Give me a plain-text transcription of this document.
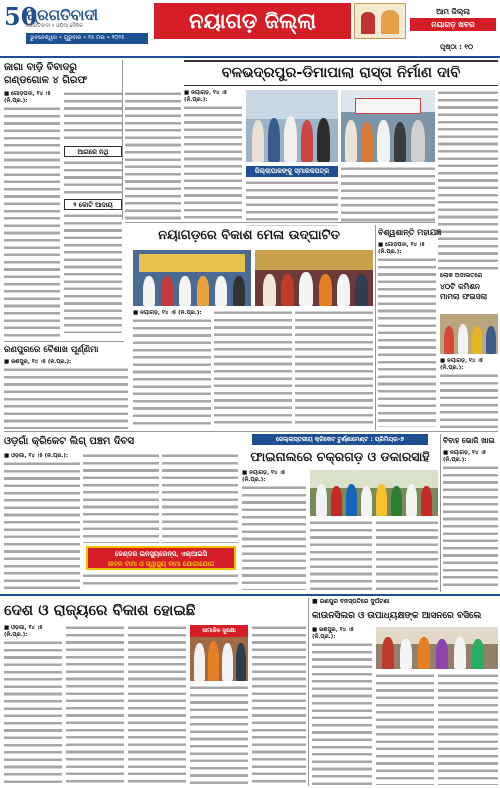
50
ପ୍ରଗତିବାଦୀ
ପ୍ରଗତିବାଦୀ • ଓଡ଼ିଆ ଦୈନିକ
ଭୁବନେଶ୍ୱର • ଗୁରୁବାର • ୧୫ ମଇ • ୨୦୨୫
ନୟାଗଡ଼ ଜିଲ୍ଲା	ଆମ ଜିଲ୍ଲା
ନୟାଗଡ଼ ଖବର
ପୃଷ୍ଠା : ୧୦
ଜାଗା ବାଡ଼ି ବିବାଦରୁ ଗଣ୍ଡଗୋଳ ୪ ଗିରଫ
■ ଗୋଡ଼ିପଦା, ୧୪ ।୫ (ନି.ପ୍ର.):
ଆଗରେ ନଥି
୨ କୋଟି ଆଦାୟ
ବଳଭଦ୍ରପୁର-ଡିମାପାଲା ରାସ୍ତା ନିର୍ମାଣ ଦାବି
■ ନୟାଗଡ଼, ୧୪ ।୫ (ନି.ପ୍ର.):
ଜିଲ୍ଲାପାଳଙ୍କୁ ସ୍ମାରକପତ୍ର
ନୟାଗଡ଼ରେ ବିକାଶ ମେଳା ଉଦ୍‌ଘାଟିତ
■ ନୟାଗଡ଼, ୧୪ ।୫ (ନି.ପ୍ର.):
ବିଶ୍ୱଶାନ୍ତି ମହାଯଜ୍ଞ
■ ଗୋଡ଼ିପଦା, ୧୪ ।୫ (ନି.ପ୍ର.):
ଲୋକ ଅଦାଲତରେ
୪୦ଟି କମିଶନ ମାମଲା ଫଇସଲା
■ ନୟାଗଡ଼, ୧୪ ।୫ (ନି.ପ୍ର.):
ରଣପୁରରେ ବୈଶାଖ ପୂର୍ଣ୍ଣିମା
■ ରଣପୁର, ୧୪ ।୫ (ନି.ପ୍ର.):
ଓଡ଼ଗାଁ କ୍ରିକେଟ ଲିଗ୍ ପଞ୍ଚମ ଦିବସ
■ ଓଡ଼ଗାଁ, ୧୪ ।୫ (ନି.ପ୍ର.):
ଜେଣ୍ଡର ଇନସ୍ୟୁରେନ୍ସ, ଏଲ୍‌ଆଇସି
ଜୀବନ ବୀମା ଓ ସ୍ୱାସ୍ଥ୍ୟ ବୀମା ଯୋଗାଯୋଗ
ଜେଲ୍ଲାସ୍ତରୀୟ କ୍ରିକେଟ ଟୁର୍ଣ୍ଣାମେଣ୍ଟ : ପ୍ରିମିୟର-୭
ଫାଇନାଲରେ ଚକ୍ରଗଡ଼ ଓ ଡକାରସାହି
■ ନୟାଗଡ଼, ୧୪ ।୫ (ନି.ପ୍ର.):
ବିବାହ ଭୋଜି ଖାଇ
■ ନୟାଗଡ଼, ୧୪ ।୫ (ନି.ପ୍ର.):
ଦେଶ ଓ ରାଜ୍ୟରେ ବିକାଶ ହୋଇଛି
■ ଓଡ଼ଗାଁ, ୧୪ ।୫ (ନି.ପ୍ର.):
ସାମାଜିକ ସୁରକ୍ଷା
■ ରଣପୁର ବନସ୍ପତିରେ ଦୁର୍ଘଟଣା
କାଉନସିଲର ଓ ଉପାଧ୍ୟକ୍ଷଙ୍କ ଆସନରେ ବସିଲେ
■ ରଣପୁର, ୧୪ ।୫ (ନି.ପ୍ର.):
